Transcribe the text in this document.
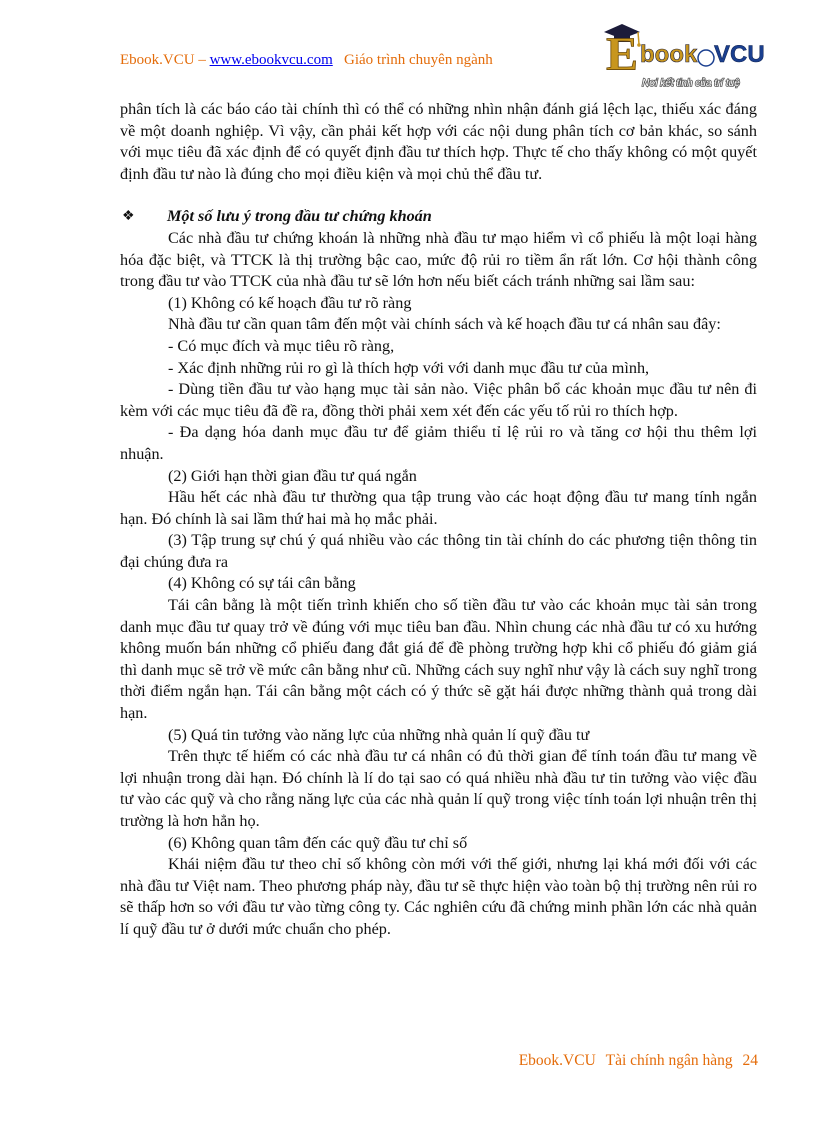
Ebook.VCU – www.ebookvcu.com Giáo trình chuyên ngành E book VCU
Nơi kết tinh của trí tuệ

phân tích là các báo cáo tài chính thì có thể có những nhìn nhận đánh giá lệch lạc, thiếu xác đáng về một doanh nghiệp. Vì vậy, cần phải kết hợp với các nội dung phân tích cơ bản khác, so sánh với mục tiêu đã xác định để có quyết định đầu tư thích hợp. Thực tế cho thấy không có một quyết định đầu tư nào là đúng cho mọi điều kiện và mọi chủ thể đầu tư.

❖ Một số lưu ý trong đầu tư chứng khoán

Các nhà đầu tư chứng khoán là những nhà đầu tư mạo hiểm vì cổ phiếu là một loại hàng hóa đặc biệt, và TTCK là thị trường bậc cao, mức độ rủi ro tiềm ẩn rất lớn. Cơ hội thành công trong đầu tư vào TTCK của nhà đầu tư sẽ lớn hơn nếu biết cách tránh những sai lầm sau:

(1) Không có kế hoạch đầu tư rõ ràng

Nhà đầu tư cần quan tâm đến một vài chính sách và kế hoạch đầu tư cá nhân sau đây:

- Có mục đích và mục tiêu rõ ràng,

- Xác định những rủi ro gì là thích hợp với với danh mục đầu tư của mình,

- Dùng tiền đầu tư vào hạng mục tài sản nào. Việc phân bổ các khoản mục đầu tư nên đi kèm với các mục tiêu đã đề ra, đồng thời phải xem xét đến các yếu tố rủi ro thích hợp.

- Đa dạng hóa danh mục đầu tư để giảm thiểu tỉ lệ rủi ro và tăng cơ hội thu thêm lợi nhuận.

(2) Giới hạn thời gian đầu tư quá ngắn

Hầu hết các nhà đầu tư thường qua tập trung vào các hoạt động đầu tư mang tính ngắn hạn. Đó chính là sai lầm thứ hai mà họ mắc phải.

(3) Tập trung sự chú ý quá nhiều vào các thông tin tài chính do các phương tiện thông tin đại chúng đưa ra

(4) Không có sự tái cân bằng

Tái cân bằng là một tiến trình khiến cho số tiền đầu tư vào các khoản mục tài sản trong danh mục đầu tư quay trở về đúng với mục tiêu ban đầu. Nhìn chung các nhà đầu tư có xu hướng không muốn bán những cổ phiếu đang đắt giá để đề phòng trường hợp khi cổ phiếu đó giảm giá thì danh mục sẽ trở về mức cân bằng như cũ. Những cách suy nghĩ như vậy là cách suy nghĩ trong thời điểm ngắn hạn. Tái cân bằng một cách có ý thức sẽ gặt hái được những thành quả trong dài hạn.

(5) Quá tin tưởng vào năng lực của những nhà quản lí quỹ đầu tư

Trên thực tế hiếm có các nhà đầu tư cá nhân có đủ thời gian để tính toán đầu tư mang về lợi nhuận trong dài hạn. Đó chính là lí do tại sao có quá nhiều nhà đầu tư tin tưởng vào việc đầu tư vào các quỹ và cho rằng năng lực của các nhà quản lí quỹ trong việc tính toán lợi nhuận trên thị trường là hơn hẳn họ.

(6) Không quan tâm đến các quỹ đầu tư chỉ số

Khái niệm đầu tư theo chỉ số không còn mới với thế giới, nhưng lại khá mới đối với các nhà đầu tư Việt nam. Theo phương pháp này, đầu tư sẽ thực hiện vào toàn bộ thị trường nên rủi ro sẽ thấp hơn so với đầu tư vào từng công ty. Các nghiên cứu đã chứng minh phần lớn các nhà quản lí quỹ đầu tư ở dưới mức chuẩn cho phép.

Ebook.VCU Tài chính ngân hàng 24
